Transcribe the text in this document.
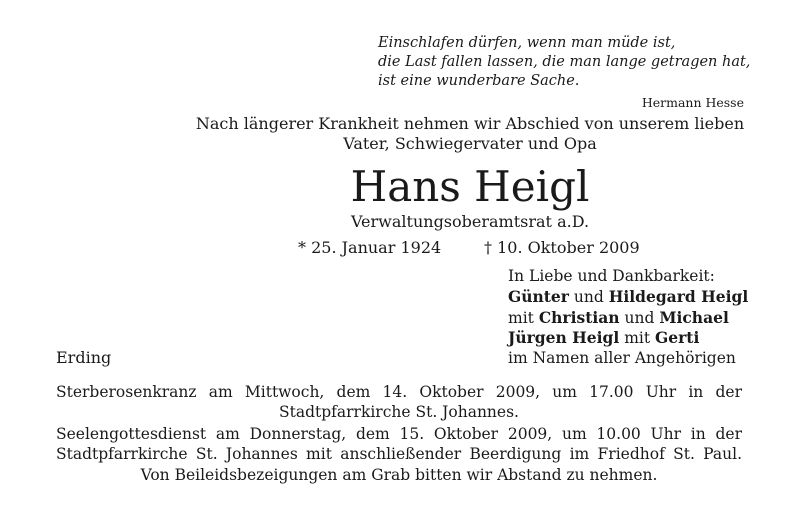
Einschlafen dürfen, wenn man müde ist,
die Last fallen lassen, die man lange getragen hat,
ist eine wunderbare Sache.
Hermann Hesse
Nach längerer Krankheit nehmen wir Abschied von unserem lieben
Vater, Schwiegervater und Opa
Hans Heigl
Verwaltungsoberamtsrat a.D.
* 25. Januar 1924	† 10. Oktober 2009
In Liebe und Dankbarkeit:
Günter und Hildegard Heigl
mit Christian und Michael
Jürgen Heigl mit Gerti
im Namen aller Angehörigen
Erding
Sterberosenkranz am Mittwoch, dem 14. Oktober 2009, um 17.00 Uhr in der
Stadtpfarrkirche St. Johannes.
Seelengottesdienst am Donnerstag, dem 15. Oktober 2009, um 10.00 Uhr in der
Stadtpfarrkirche St. Johannes mit anschließender Beerdigung im Friedhof St. Paul.
Von Beileidsbezeigungen am Grab bitten wir Abstand zu nehmen.
